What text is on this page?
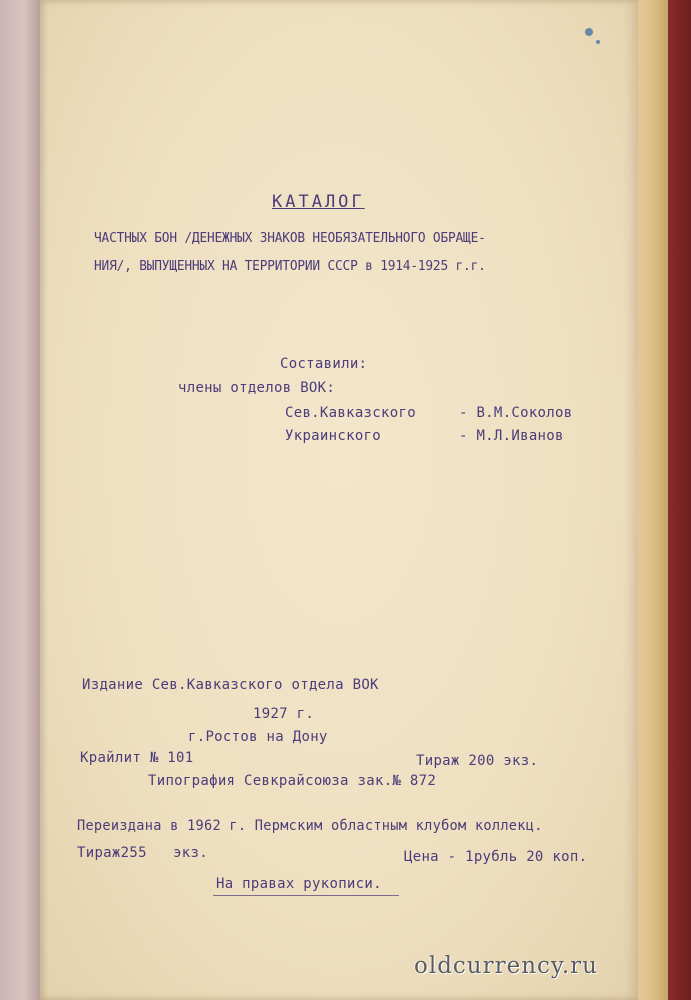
КАТАЛОГ
ЧАСТНЫХ БОН /ДЕНЕЖНЫХ ЗНАКОВ НЕОБЯЗАТЕЛЬНОГО ОБРАЩЕ-
НИЯ/, ВЫПУЩЕННЫХ НА ТЕРРИТОРИИ СССР в 1914-1925 г.г.
Составили:
члены отделов ВОК:
Сев.Кавказского	- В.М.Соколов
Украинского	- М.Л.Иванов
Издание Сев.Кавказского отдела ВОК
1927 г.
г.Ростов на Дону
Крайлит № 101	Тираж 200 экз.
Типография Севкрайсоюза зак.№ 872
Переиздана в 1962 г. Пермским областным клубом коллекц.
Тираж255   экз.	Цена - 1рубль 20 коп.
На правах рукописи.
oldcurrency.ru
